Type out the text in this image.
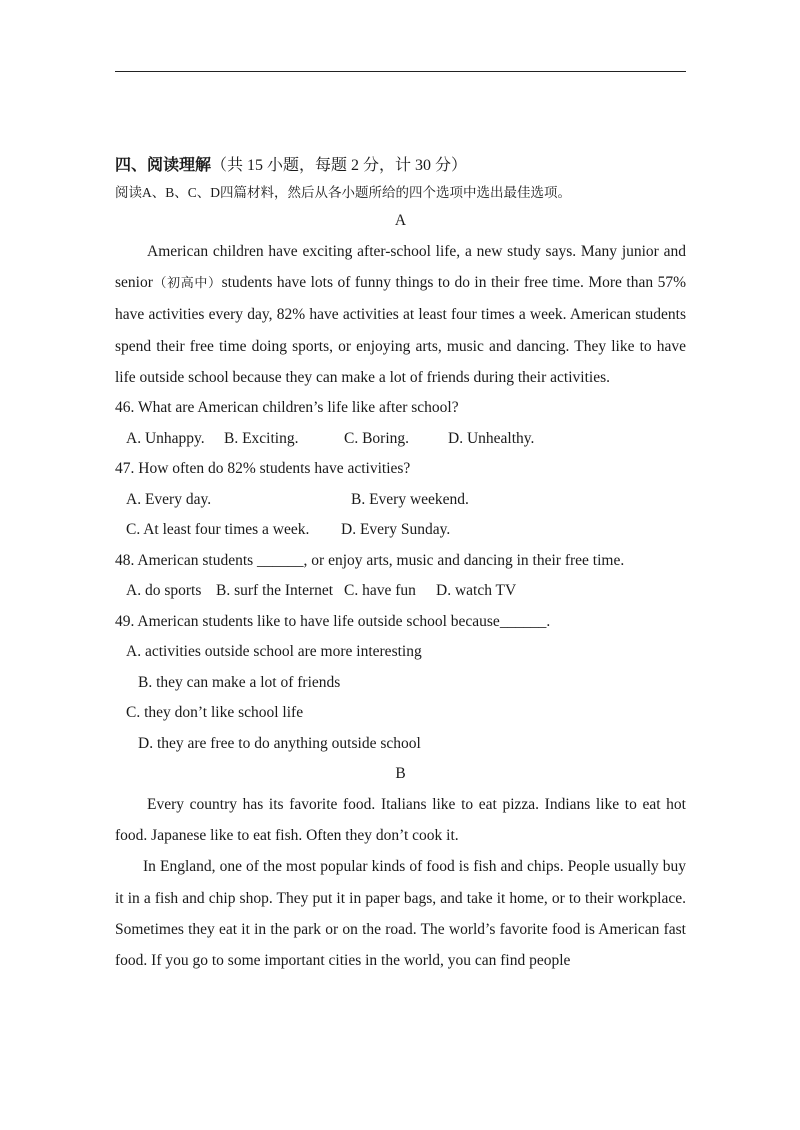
四、阅读理解（共 15 小题，每题 2 分，计 30 分）
阅读A、B、C、D四篇材料，然后从各小题所给的四个选项中选出最佳选项。
A
American children have exciting after-school life, a new study says. Many junior and senior（初高中）students have lots of funny things to do in their free time. More than 57% have activities every day, 82% have activities at least four times a week. American students spend their free time doing sports, or enjoying arts, music and dancing. They like to have life outside school because they can make a lot of friends during their activities.
46. What are American children’s life like after school?
A. Unhappy. B. Exciting.	C. Boring.	D. Unhealthy.
47. How often do 82% students have activities?
A. Every day.	B. Every weekend.
C. At least four times a week. D. Every Sunday.
48. American students ______, or enjoy arts, music and dancing in their free time.
A. do sports B. surf the Internet C. have fun D. watch TV
49. American students like to have life outside school because______.
A. activities outside school are more interesting
B. they can make a lot of friends
C. they don’t like school life
D. they are free to do anything outside school
B
Every country has its favorite food. Italians like to eat pizza. Indians like to eat hot food. Japanese like to eat fish. Often they don’t cook it.
In England, one of the most popular kinds of food is fish and chips. People usually buy it in a fish and chip shop. They put it in paper bags, and take it home, or to their workplace. Sometimes they eat it in the park or on the road. The world’s favorite food is American fast food. If you go to some important cities in the world, you can find people
